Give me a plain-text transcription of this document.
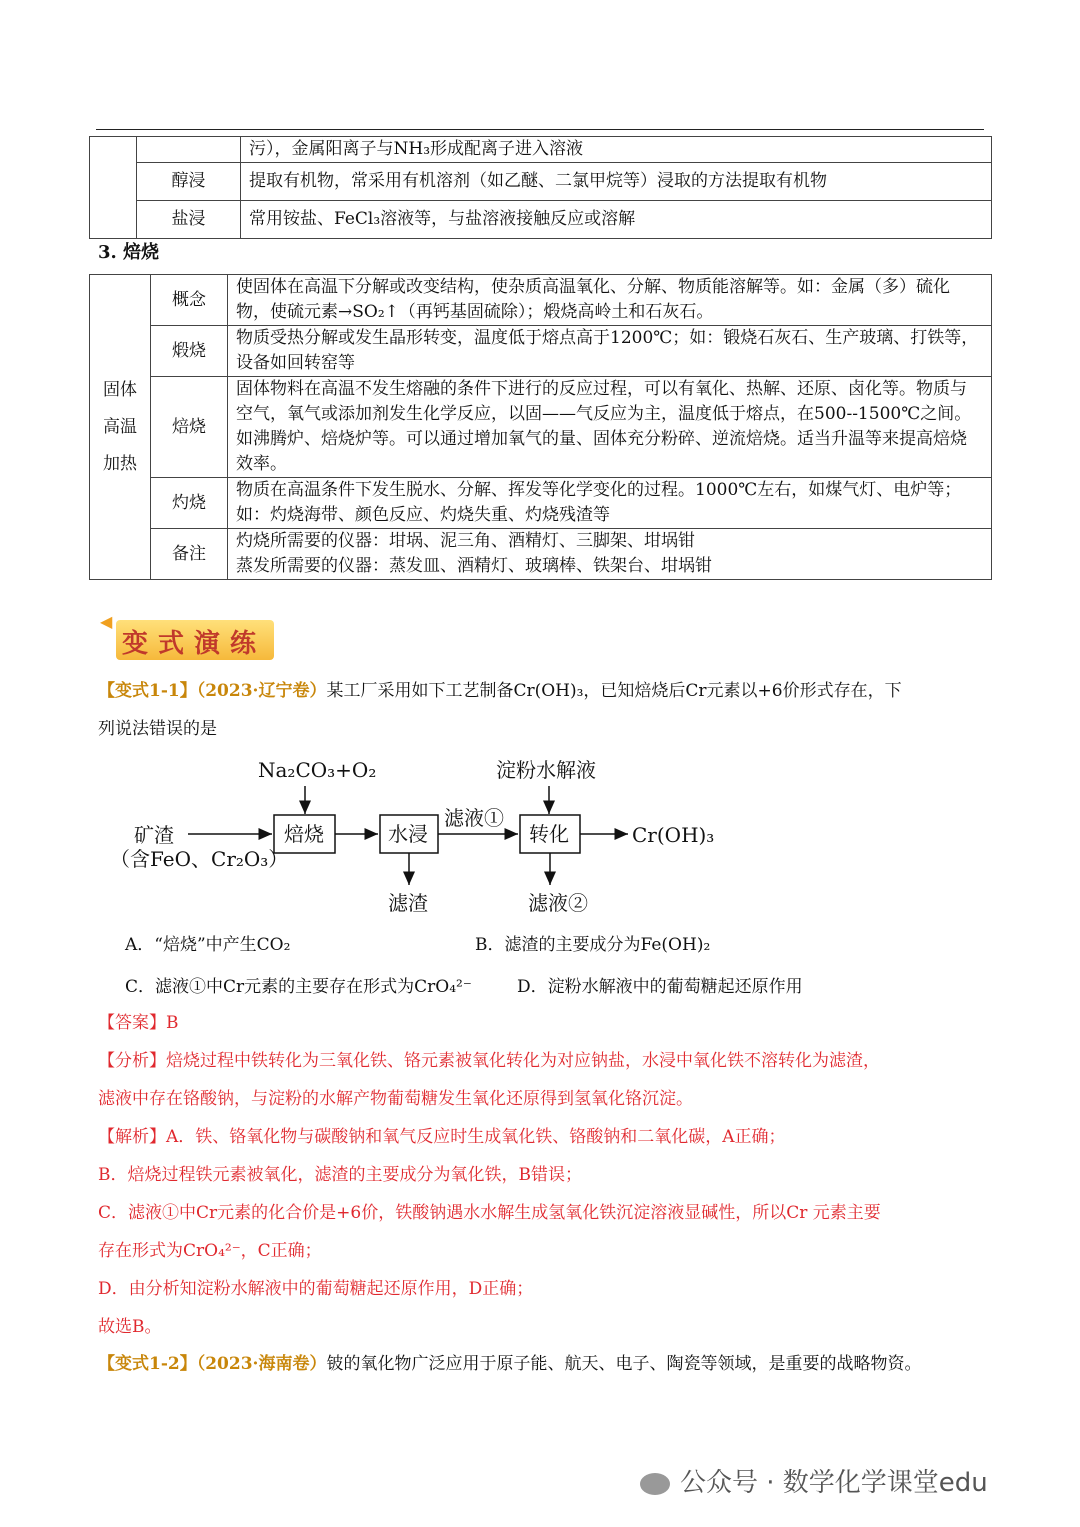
		污），金属阳离子与NH₃形成配离子进入溶液
	醇浸	提取有机物，常采用有机溶剂（如乙醚、二氯甲烷等）浸取的方法提取有机物
	盐浸	常用铵盐、FeCl₃溶液等，与盐溶液接触反应或溶解
3. 焙烧
固体
高温
加热	概念	使固体在高温下分解或改变结构，使杂质高温氧化、分解、物质能溶解等。如：金属（多）硫化物，使硫元素→SO₂↑（再钙基固硫除）；煅烧高岭土和石灰石。
	煅烧	物质受热分解或发生晶形转变，温度低于熔点高于1200℃；如：锻烧石灰石、生产玻璃、打铁等，设备如回转窑等
	焙烧	固体物料在高温不发生熔融的条件下进行的反应过程，可以有氧化、热解、还原、卤化等。物质与空气，氧气或添加剂发生化学反应，以固——气反应为主，温度低于熔点，在500--1500℃之间。如沸腾炉、焙烧炉等。可以通过增加氧气的量、固体充分粉碎、逆流焙烧。适当升温等来提高焙烧效率。
	灼烧	物质在高温条件下发生脱水、分解、挥发等化学变化的过程。1000℃左右，如煤气灯、电炉等；如：灼烧海带、颜色反应、灼烧失重、灼烧残渣等
	备注	灼烧所需要的仪器：坩埚、泥三角、酒精灯、三脚架、坩埚钳
蒸发所需要的仪器：蒸发皿、酒精灯、玻璃棒、铁架台、坩埚钳
◀
变式演练
【变式1-1】（2023·辽宁卷）某工厂采用如下工艺制备Cr(OH)₃，已知焙烧后Cr元素以+6价形式存在，下
列说法错误的是
Na₂CO₃+O₂	淀粉水解液
矿渣
（含FeO、Cr₂O₃）
焙烧	水浸
滤液①
转化	Cr(OH)₃
滤渣	滤液②
A．“焙烧”中产生CO₂	B．滤渣的主要成分为Fe(OH)₂
C．滤液①中Cr元素的主要存在形式为CrO₄²⁻	D．淀粉水解液中的葡萄糖起还原作用
【答案】B
【分析】焙烧过程中铁转化为三氧化铁、铬元素被氧化转化为对应钠盐，水浸中氧化铁不溶转化为滤渣，
滤液中存在铬酸钠，与淀粉的水解产物葡萄糖发生氧化还原得到氢氧化铬沉淀。
【解析】A．铁、铬氧化物与碳酸钠和氧气反应时生成氧化铁、铬酸钠和二氧化碳，A正确；
B．焙烧过程铁元素被氧化，滤渣的主要成分为氧化铁，B错误；
C．滤液①中Cr元素的化合价是+6价，铁酸钠遇水水解生成氢氧化铁沉淀溶液显碱性，所以Cr 元素主要
存在形式为CrO₄²⁻，C正确；
D．由分析知淀粉水解液中的葡萄糖起还原作用，D正确；
故选B。
【变式1-2】（2023·海南卷）铍的氧化物广泛应用于原子能、航天、电子、陶瓷等领域，是重要的战略物资。
公众号 · 数学化学课堂edu
